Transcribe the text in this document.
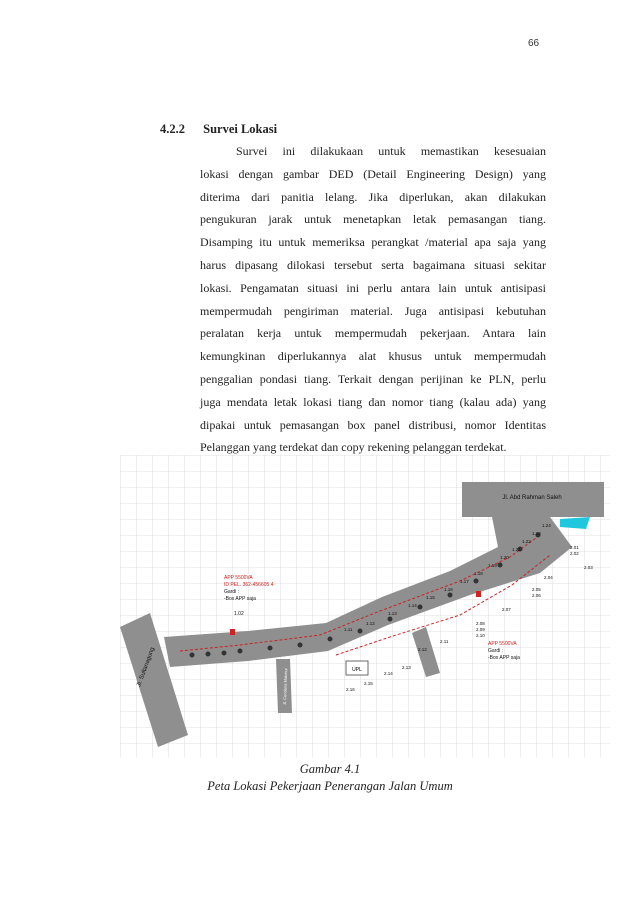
66
4.2.2 Survei Lokasi
Survei ini dilakukaan untuk memastikan kesesuaian
lokasi dengan gambar DED (Detail Engineering Design) yang
diterima dari panitia lelang. Jika diperlukan, akan dilakukan
pengukuran jarak untuk menetapkan letak pemasangan tiang.
Disamping itu untuk memeriksa perangkat /material apa saja yang
harus dipasang dilokasi tersebut serta bagaimana situasi sekitar
lokasi. Pengamatan situasi ini perlu antara lain untuk antisipasi
mempermudah pengiriman material. Juga antisipasi kebutuhan
peralatan kerja untuk mempermudah pekerjaan. Antara lain
kemungkinan diperlukannya alat khusus untuk mempermudah
penggalian pondasi tiang. Terkait dengan perijinan ke PLN, perlu
juga mendata letak lokasi tiang dan nomor tiang (kalau ada) yang
dipakai untuk pemasangan box panel distribusi, nomor Identitas
Pelanggan yang terdekat dan copy rekening pelanggan terdekat.
UPL
Jl. Abd Rahman Saleh
Jl. Sultanagung	Jl. Cendana Makmur
APP 5500VA
ID PEL. 362-456605 4
Gardi :
-Box APP saja
1.02
APP 5500VA
Gardi :
-Box APP saja
1.11
1.12
1.13
1.14
1.15
1.16
1.17
1.18
1.19
1.20
1.21
1.22
1.23
1.24
2.01
2.02
2.03
2.04
2.05
2.06
2.07
2.08
2.09
2.10
2.11
2.12
2.13
2.14
2.15
2.16
Gambar 4.1
Peta Lokasi Pekerjaan Penerangan Jalan Umum
